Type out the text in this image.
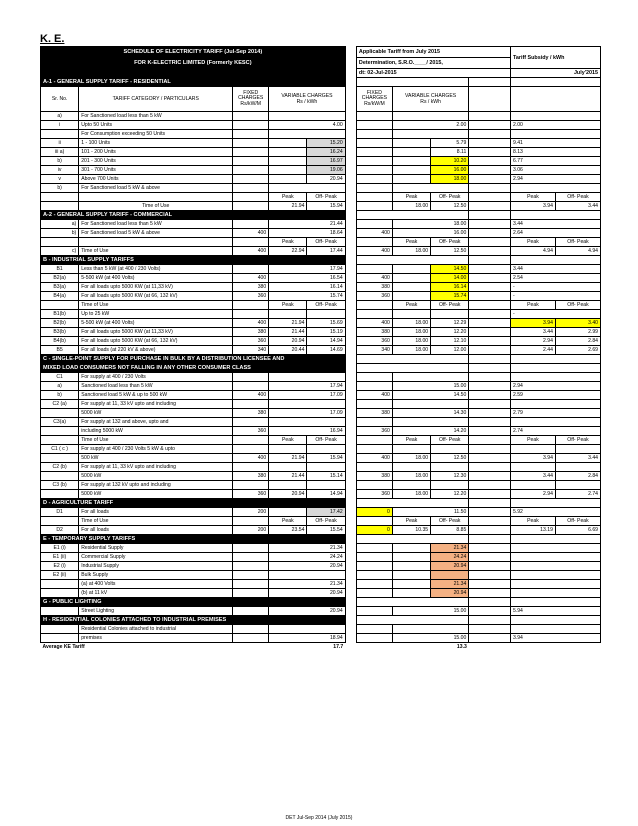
K. E.
SCHEDULE OF ELECTRICITY TARIFF (Jul-Sep 2014)						Applicable Tariff from July 2015				Tariff Subsidy / kWh	
FOR K-ELECTRIC LIMITED (Formerly KESC)						Determination, S.R.O.____/ 2015,					
						dt: 02-Jul-2015				July'2015	
A-1 - GENERAL SUPPLY TARIFF - RESIDENTIAL											
Sr. No.	TARIFF CATEGORY / PARTICULARS	FIXED
CHARGES
Rs/kW/M	VARIABLE CHARGES
Rs / kWh			FIXED
CHARGES
Rs/kW/M	VARIABLE CHARGES
Rs / kWh				
a)	For Sanctioned load less than 5 kW										
i	Upto 50 Units		4.00				2.00			2.00	
	For Consumption exceeding 50 Units										
ii	1 - 100 Units			15.20				5.79		9.41	
iii a)	101 - 200 Units			16.24				8.11		8.13	
b)	201 - 300 Units			16.97				10.20		6.77	
iv	301 - 700 Units			19.06				16.00		3.06	
v	Above 700 Units			20.94				18.00		2.94	
b)	For Sanctioned load 5 kW & above										
			Peak	Off- Peak			Peak	Off- Peak		Peak	Off- Peak
	Time of Use		21.94	15.94			18.00	12.50		3.94	3.44
A-2 - GENERAL SUPPLY TARIFF - COMMERCIAL											
a)	For Sanctioned load less than 5 kW		21.44				18.00			3.44	
b)	For Sanctioned load 5 kW & above	400	18.64			400	16.00			2.64	
			Peak	Off- Peak			Peak	Off- Peak		Peak	Off- Peak
c)	Time of Use	400	22.94	17.44		400	18.00	12.50		4.94	4.94
B - INDUSTRIAL SUPPLY TARIFFS											
B1	Less than 5 kW (at 400 / 230 Volts)		17.94					14.50		3.44	
B2(a)	5-500 kW (at 400 Volts)	400	16.54			400		14.00		2.54	
B3(a)	For all loads upto 5000 KW (at 11,33 kV)	380	16.14			380		16.14		-	
B4(a)	For all loads upto 5000 KW (at 66, 132 kV)	360	15.74			360		15.74		-	
	Time of Use		Peak	Off- Peak			Peak	Off- Peak		Peak	Off- Peak
B1(b)	Up to 25 kW									-	
B2(b)	5-500 kW (at 400 Volts)	400	21.94	15.69		400	18.00	12.29		3.94	3.40
B3(b)	For all loads upto 5000 KW (at 11,33 kV)	380	21.44	15.19		380	18.00	12.20		3.44	2.99
B4(b)	For all loads upto 5000 KW (at 66, 132 kV)	360	20.94	14.94		360	18.00	12.10		2.94	2.84
B5	For all loads (at 220 kV & above)	340	20.44	14.69		340	18.00	12.00		2.44	2.69
C - SINGLE-POINT SUPPLY FOR PURCHASE IN BULK BY A DISTRIBUTION LICENSEE AND											
MIXED LOAD CONSUMERS NOT FALLING IN ANY OTHER CONSUMER CLASS											
C1	For supply at 400 / 230 Volts										
a)	Sanctioned load less than 5 kW		17.94				15.00			2.94	
b)	Sanctioned load 5 kW & up to 500 kW	400	17.09			400	14.50			2.59	
C2 (a)	For supply at 11, 33 kV upto and including										
	5000 kW	380	17.09			380	14.30			2.79	
C3(a)	For supply at 132 and above, upto and										
	including 5000 kW	360	16.94			360	14.20			2.74	
	Time of Use		Peak	Off- Peak			Peak	Off- Peak		Peak	Off- Peak
C1 ( c )	For supply at 400 / 230 Volts 5 kW & upto										
	500 kW	400	21.94	15.94		400	18.00	12.50		3.94	3.44
C2 (b)	For supply at 11, 33 kV upto and including										
	5000 kW	380	21.44	15.14		380	18.00	12.30		3.44	2.84
C3 (b)	For supply at 132 kV upto and including										
	5000 kW	360	20.94	14.94		360	18.00	12.20		2.94	2.74
D - AGRICULTURE TARIFF											
D1	For all loads	200		17.42		0	11.50			5.92	
	Time of Use		Peak	Off- Peak			Peak	Off- Peak		Peak	Off- Peak
D2	For all loads	200	23.54	15.54		0	10.35	8.85		13.19	6.69
E - TEMPORARY SUPPLY TARIFFS											
E1 (i)	Residential Supply		21.34					21.34			
E1 (ii)	Commercial Supply		24.24					24.24			
E2 (i)	Industrial Supply		20.94					20.94			
E2 (ii)	Bulk Supply										
	(a) at 400 Volts		21.34					21.34			
	(b) at 11 kV		20.94					20.94			
G - PUBLIC LIGHTING											
	Street Lighting		20.94				15.00			5.94	
H - RESIDENTIAL COLONIES ATTACHED TO INDUSTRIAL PREMISES											
	Residential Colonies attached to industrial										
	premises		18.94				15.00			3.94	
Average KE Tariff			17.7				13.3				
DET Jul-Sep 2014 (July 2015)
